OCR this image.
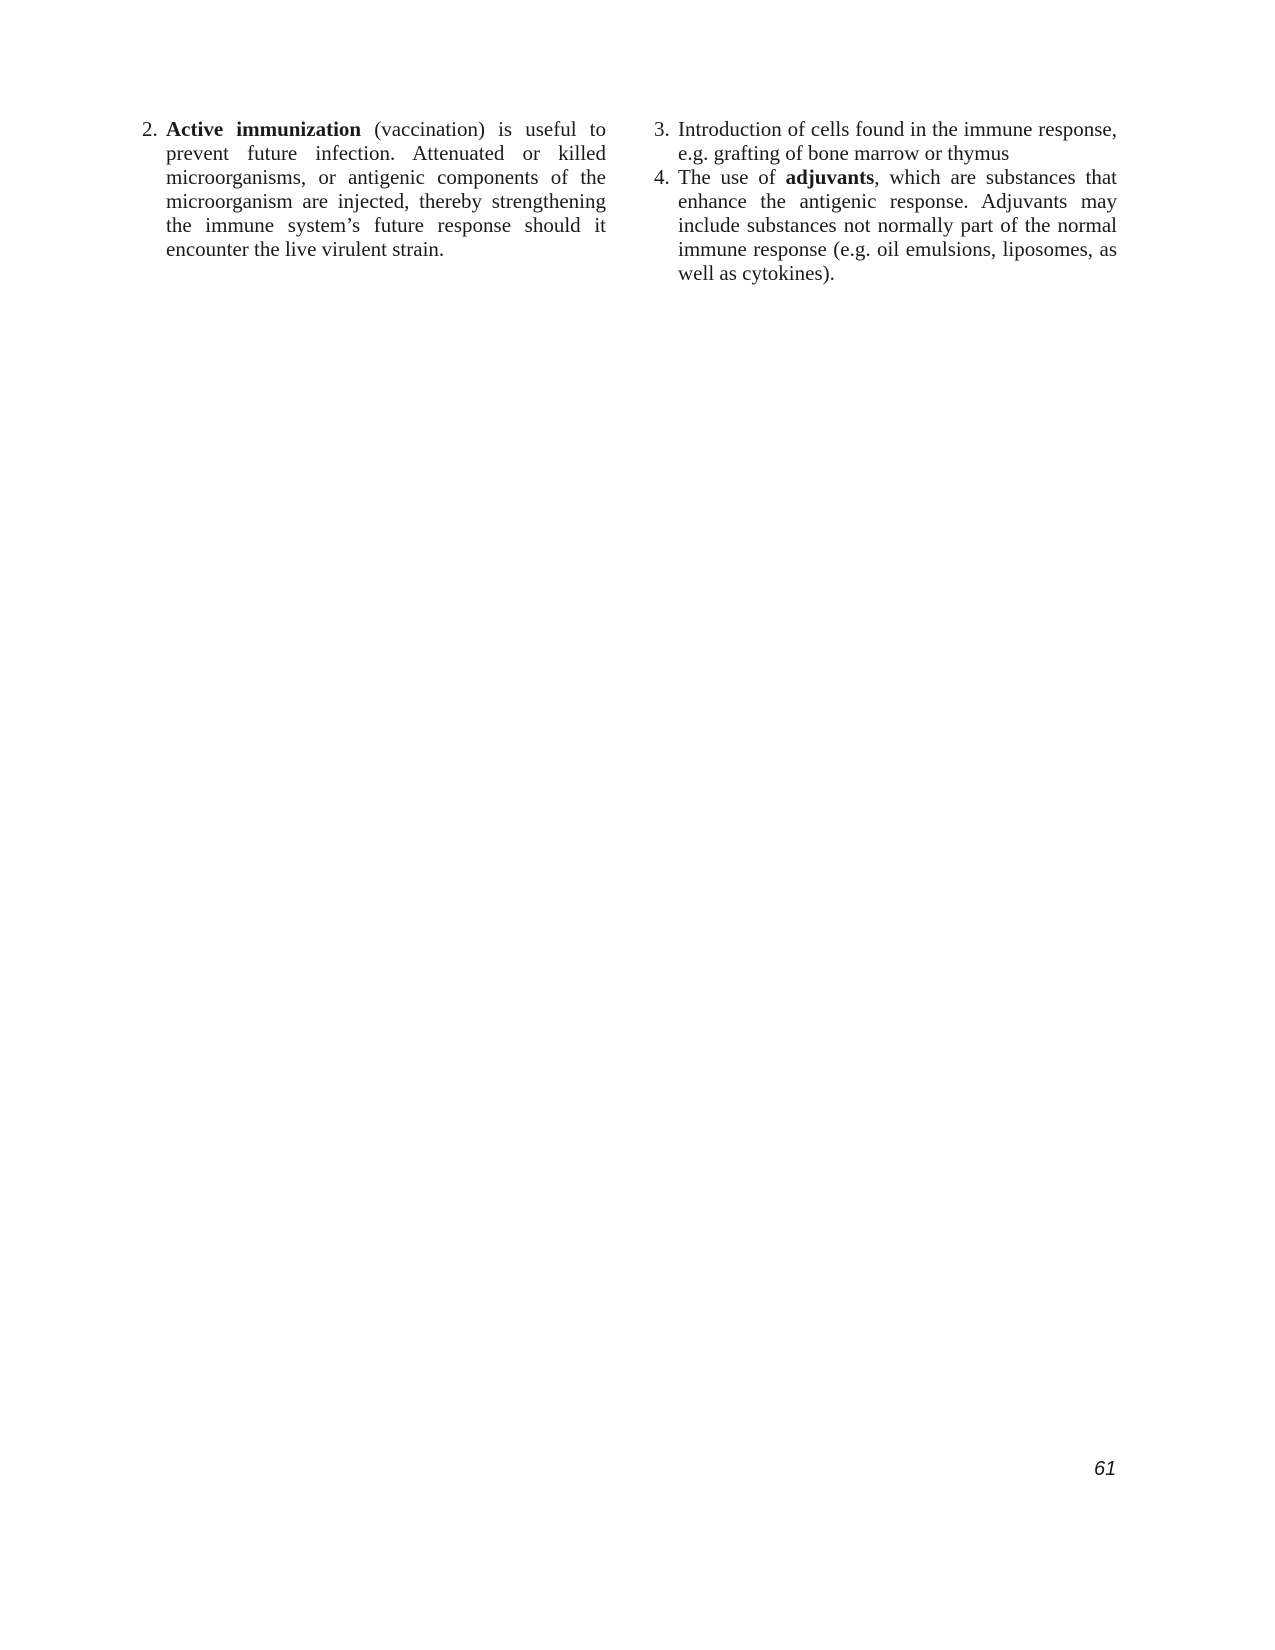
2. Active immunization (vaccination) is useful to prevent future infection. Attenuated or killed microorganisms, or antigenic components of the microorganism are injected, thereby strengthening the immune system’s future response should it encounter the live virulent strain.

3. Introduction of cells found in the immune response, e.g. grafting of bone marrow or thymus

4. The use of adjuvants, which are substances that enhance the antigenic response. Adjuvants may include substances not normally part of the normal immune response (e.g. oil emulsions, liposomes, as well as cytokines).

61
